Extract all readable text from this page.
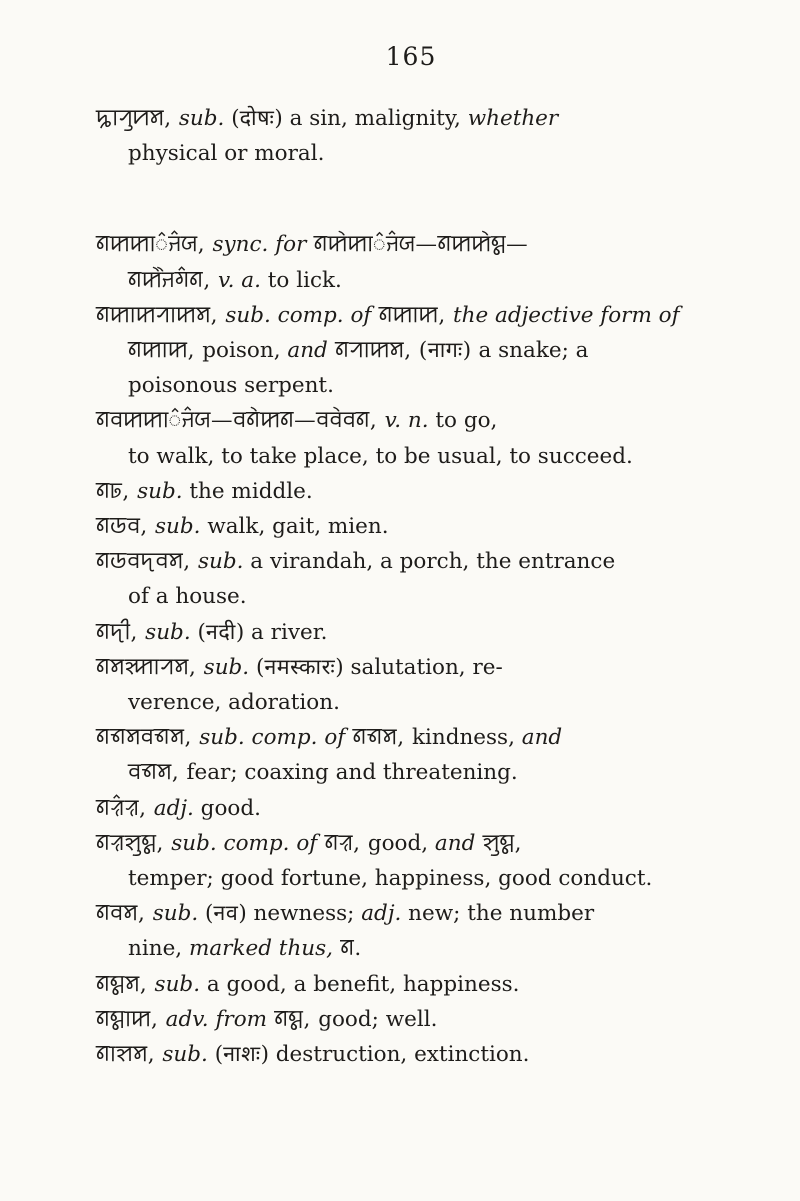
165

ꠍꠣꠞꠥꠙꠝ, sub. (दोषः) a sin, malignity, whether
physical or moral.

ꠘꠇꠇꠣ꠆ꠔ꠆ꠎ, sync. for ꠘꠇꠦꠇꠣ꠆ꠔ꠆ꠎ—ꠘꠇꠇꠦꠘ꠆ꠘ—
ꠘꠇꠦꠦꠔꠉ꠆ꠘ, v. a. to lick.

ꠘꠇꠣꠇꠞꠣꠇꠝ, sub. comp. of ꠘꠇꠣꠇ, the adjective form of
ꠘꠇꠣꠇ, poison, and ꠘꠞꠣꠇꠝ, (नागः) a snake; a
poisonous serpent.

ꠘꠛꠇꠇꠣ꠆ꠔ꠆ꠎ—ꠛꠘꠦꠇꠘ—ꠛꠛꠦꠛꠘ, v. n. to go,
to walk, to take place, to be usual, to succeed.

ꠘꠓ, sub. the middle.

ꠘꠒꠛ, sub. walk, gait, mien.

ꠘꠒꠛꠖꠛꠝ, sub. a virandah, a porch, the entrance
of a house.

ꠘꠖꠤ, sub. (नदी) a river.

ꠘꠝꠡ꠆ꠇꠣꠞꠝ, sub. (नमस्कारः) salutation, re-
verence, adoration.

ꠘꠜꠝꠛꠜꠝ, sub. comp. of ꠘꠜꠝ, kindness, and
ꠛꠜꠝ, fear; coaxing and threatening.

ꠘꠟ꠆ꠟ, adj. good.

ꠘꠟꠡꠥꠘ꠆ꠘ, sub. comp. of ꠘꠟ, good, and ꠡꠥꠘ꠆ꠘ,
temper; good fortune, happiness, good conduct.

ꠘꠛꠝ, sub. (नव) newness; adj. new; the number
nine, marked thus, ꠘ.

ꠘꠘ꠆ꠘꠝ, sub. a good, a benefit, happiness.

ꠘꠘ꠆ꠘꠣꠇ, adv. from ꠘꠘ꠆ꠘ, good; well.

ꠘꠣꠡꠝ, sub. (नाशः) destruction, extinction.
